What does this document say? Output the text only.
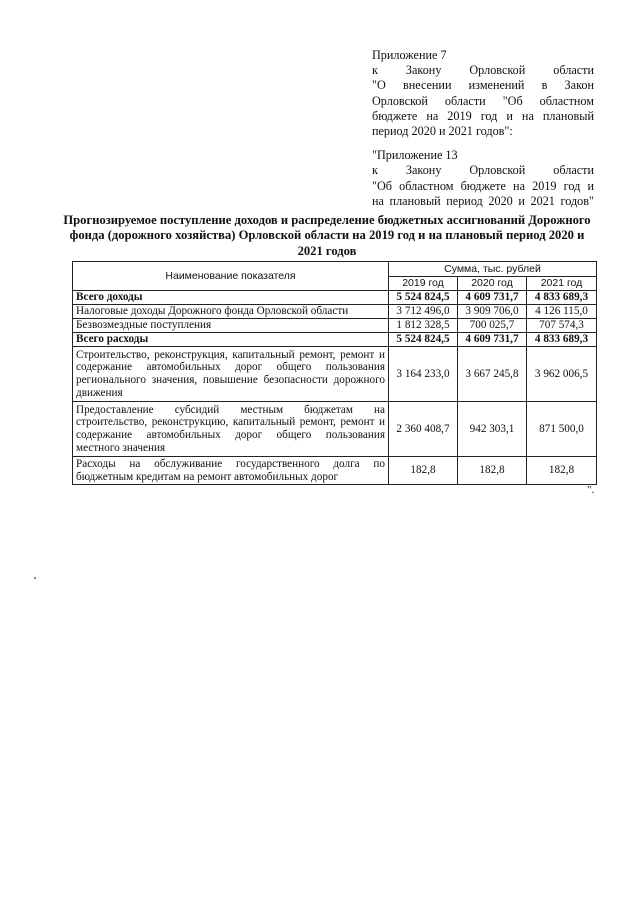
Приложение 7
к Закону Орловской области
"О внесении изменений в Закон
Орловской области "Об областном
бюджете на 2019 год и на плановый
период 2020 и 2021 годов":
"Приложение 13
к Закону Орловской области
"Об областном бюджете на 2019 год и
на плановый период 2020 и 2021 годов"
Прогнозируемое поступление доходов и распределение бюджетных ассигнований Дорожного фонда (дорожного хозяйства) Орловской области на 2019 год и на плановый период 2020 и 2021 годов
Наименование показателя	Сумма, тыс. рублей		
	2019 год	2020 год	2021 год
Всего доходы	5 524 824,5	4 609 731,7	4 833 689,3
Налоговые доходы Дорожного фонда Орловской области	3 712 496,0	3 909 706,0	4 126 115,0
Безвозмездные поступления	1 812 328,5	700 025,7	707 574,3
Всего расходы	5 524 824,5	4 609 731,7	4 833 689,3
Строительство, реконструкция, капитальный ремонт, ремонт и содержание автомобильных дорог общего пользования регионального значения, повышение безопасности дорожного движения	3 164 233,0	3 667 245,8	3 962 006,5
Предоставление субсидий местным бюджетам на строительство, реконструкцию, капитальный ремонт, ремонт и содержание автомобильных дорог общего пользования местного значения	2 360 408,7	942 303,1	871 500,0
Расходы на обслуживание государственного долга по бюджетным кредитам на ремонт автомобильных дорог	182,8	182,8	182,8
".
